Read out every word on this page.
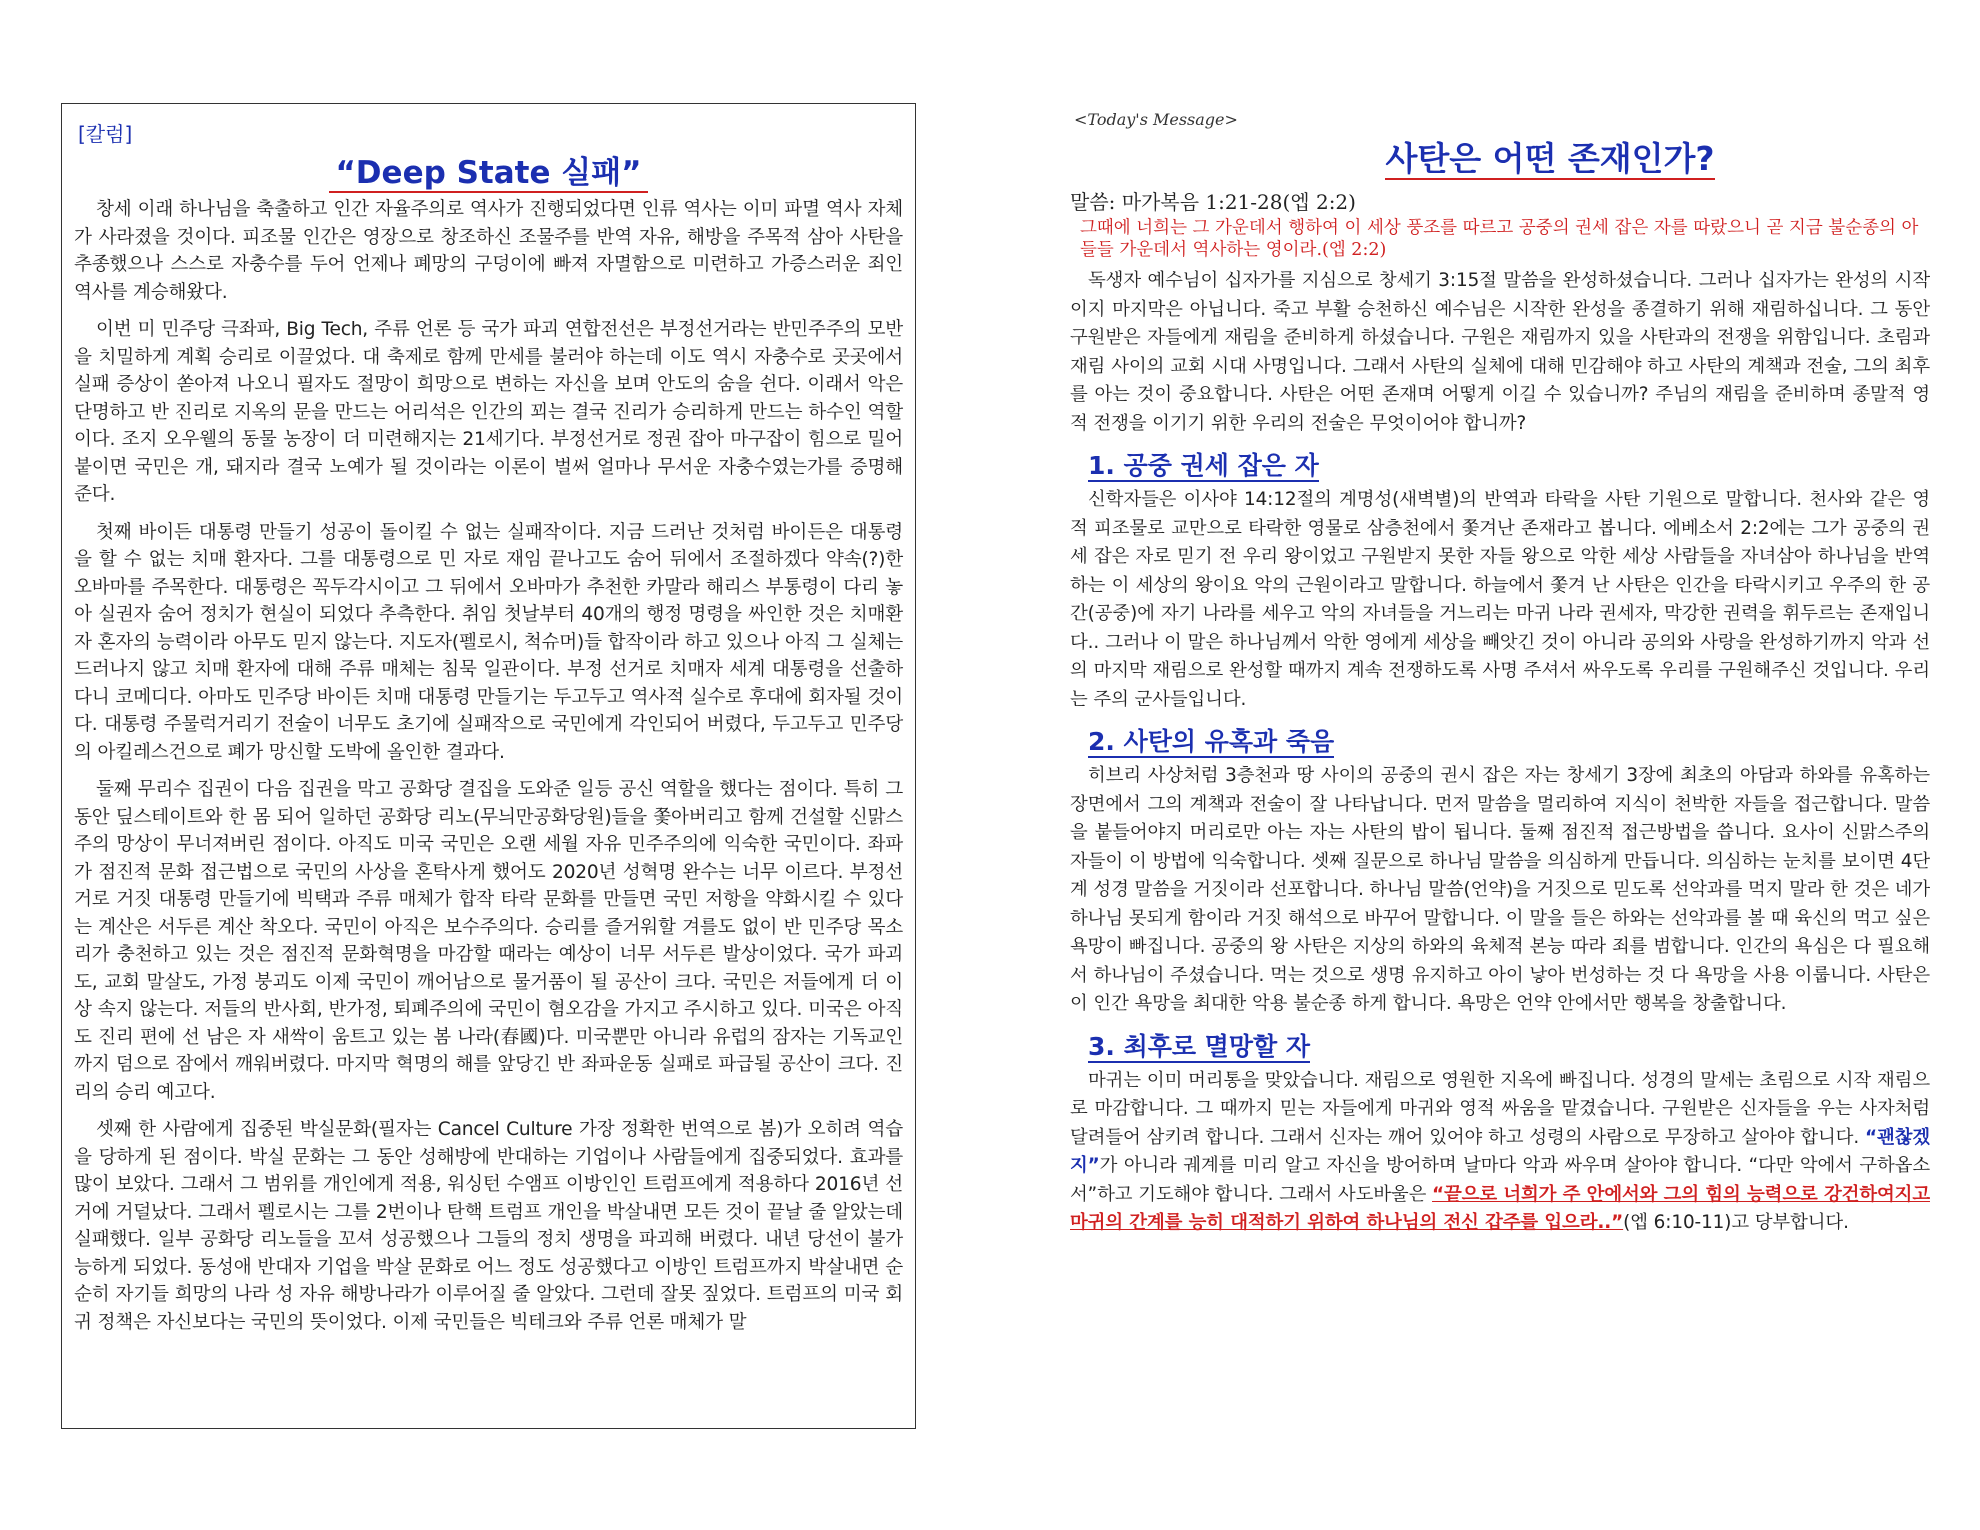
[칼럼]
“Deep State 실패”

창세 이래 하나님을 축출하고 인간 자율주의로 역사가 진행되었다면 인류 역사는 이미 파멸 역사 자체가 사라졌을 것이다. 피조물 인간은 영장으로 창조하신 조물주를 반역 자유, 해방을 주목적 삼아 사탄을 추종했으나 스스로 자충수를 두어 언제나 폐망의 구덩이에 빠져 자멸함으로 미련하고 가증스러운 죄인 역사를 계승해왔다.

이번 미 민주당 극좌파, Big Tech, 주류 언론 등 국가 파괴 연합전선은 부정선거라는 반민주주의 모반을 치밀하게 계획 승리로 이끌었다. 대 축제로 함께 만세를 불러야 하는데 이도 역시 자충수로 곳곳에서 실패 증상이 쏟아져 나오니 필자도 절망이 희망으로 변하는 자신을 보며 안도의 숨을 쉰다. 이래서 악은 단명하고 반 진리로 지옥의 문을 만드는 어리석은 인간의 꾀는 결국 진리가 승리하게 만드는 하수인 역할이다. 조지 오우웰의 동물 농장이 더 미련해지는 21세기다. 부정선거로 정권 잡아 마구잡이 힘으로 밀어붙이면 국민은 개, 돼지라 결국 노예가 될 것이라는 이론이 벌써 얼마나 무서운 자충수였는가를 증명해 준다.

첫째 바이든 대통령 만들기 성공이 돌이킬 수 없는 실패작이다. 지금 드러난 것처럼 바이든은 대통령을 할 수 없는 치매 환자다. 그를 대통령으로 민 자로 재임 끝나고도 숨어 뒤에서 조절하겠다 약속(?)한 오바마를 주목한다. 대통령은 꼭두각시이고 그 뒤에서 오바마가 추천한 카말라 해리스 부통령이 다리 놓아 실권자 숨어 정치가 현실이 되었다 추측한다. 취임 첫날부터 40개의 행정 명령을 싸인한 것은 치매환자 혼자의 능력이라 아무도 믿지 않는다. 지도자(펠로시, 척슈머)들 합작이라 하고 있으나 아직 그 실체는 드러나지 않고 치매 환자에 대해 주류 매체는 침묵 일관이다. 부정 선거로 치매자 세계 대통령을 선출하다니 코메디다. 아마도 민주당 바이든 치매 대통령 만들기는 두고두고 역사적 실수로 후대에 회자될 것이다. 대통령 주물럭거리기 전술이 너무도 초기에 실패작으로 국민에게 각인되어 버렸다, 두고두고 민주당의 아킬레스건으로 폐가 망신할 도박에 올인한 결과다.

둘째 무리수 집권이 다음 집권을 막고 공화당 결집을 도와준 일등 공신 역할을 했다는 점이다. 특히 그 동안 딮스테이트와 한 몸 되어 일하던 공화당 리노(무늬만공화당원)들을 쫓아버리고 함께 건설할 신맑스주의 망상이 무너져버린 점이다. 아직도 미국 국민은 오랜 세월 자유 민주주의에 익숙한 국민이다. 좌파가 점진적 문화 접근법으로 국민의 사상을 혼탁사게 했어도 2020년 성혁명 완수는 너무 이르다. 부정선거로 거짓 대통령 만들기에 빅택과 주류 매체가 합작 타락 문화를 만들면 국민 저항을 약화시킬 수 있다는 계산은 서두른 계산 착오다. 국민이 아직은 보수주의다. 승리를 즐거워할 겨를도 없이 반 민주당 목소리가 충천하고 있는 것은 점진적 문화혁명을 마감할 때라는 예상이 너무 서두른 발상이었다. 국가 파괴도, 교회 말살도, 가정 붕괴도 이제 국민이 깨어남으로 물거품이 될 공산이 크다. 국민은 저들에게 더 이상 속지 않는다. 저들의 반사회, 반가정, 퇴폐주의에 국민이 혐오감을 가지고 주시하고 있다. 미국은 아직도 진리 편에 선 남은 자 새싹이 움트고 있는 봄 나라(春國)다. 미국뿐만 아니라 유럽의 잠자는 기독교인까지 덤으로 잠에서 깨워버렸다. 마지막 혁명의 해를 앞당긴 반 좌파운동 실패로 파급될 공산이 크다. 진리의 승리 예고다.

셋째 한 사람에게 집중된 박실문화(필자는 Cancel Culture 가장 정확한 번역으로 봄)가 오히려 역습을 당하게 된 점이다. 박실 문화는 그 동안 성해방에 반대하는 기업이나 사람들에게 집중되었다. 효과를 많이 보았다. 그래서 그 범위를 개인에게 적용, 워싱턴 수앰프 이방인인 트럼프에게 적용하다 2016년 선거에 거덜났다. 그래서 펠로시는 그를 2번이나 탄핵 트럼프 개인을 박살내면 모든 것이 끝날 줄 알았는데 실패했다. 일부 공화당 리노들을 꼬셔 성공했으나 그들의 정치 생명을 파괴해 버렸다. 내년 당선이 불가능하게 되었다. 동성애 반대자 기업을 박살 문화로 어느 정도 성공했다고 이방인 트럼프까지 박살내면 순순히 자기들 희망의 나라 성 자유 해방나라가 이루어질 줄 알았다. 그런데 잘못 짚었다. 트럼프의 미국 회귀 정책은 자신보다는 국민의 뜻이었다. 이제 국민들은 빅테크와 주류 언론 매체가 말

<Today's Message>
사탄은 어떤 존재인가?
말씀: 마가복음 1:21-28(엡 2:2)
그때에 너희는 그 가운데서 행하여 이 세상 풍조를 따르고 공중의 권세 잡은 자를 따랐으니 곧 지금 불순종의 아들들 가운데서 역사하는 영이라.(엡 2:2)

독생자 예수님이 십자가를 지심으로 창세기 3:15절 말씀을 완성하셨습니다. 그러나 십자가는 완성의 시작이지 마지막은 아닙니다. 죽고 부활 승천하신 예수님은 시작한 완성을 종결하기 위해 재림하십니다. 그 동안 구원받은 자들에게 재림을 준비하게 하셨습니다. 구원은 재림까지 있을 사탄과의 전쟁을 위함입니다. 초림과 재림 사이의 교회 시대 사명입니다. 그래서 사탄의 실체에 대해 민감해야 하고 사탄의 계책과 전술, 그의 최후를 아는 것이 중요합니다. 사탄은 어떤 존재며 어떻게 이길 수 있습니까? 주님의 재림을 준비하며 종말적 영적 전쟁을 이기기 위한 우리의 전술은 무엇이어야 합니까?

1. 공중 권세 잡은 자

신학자들은 이사야 14:12절의 계명성(새벽별)의 반역과 타락을 사탄 기원으로 말합니다. 천사와 같은 영적 피조물로 교만으로 타락한 영물로 삼층천에서 쫓겨난 존재라고 봅니다. 에베소서 2:2에는 그가 공중의 권세 잡은 자로 믿기 전 우리 왕이었고 구원받지 못한 자들 왕으로 악한 세상 사람들을 자녀삼아 하나님을 반역하는 이 세상의 왕이요 악의 근원이라고 말합니다. 하늘에서 쫓겨 난 사탄은 인간을 타락시키고 우주의 한 공간(공중)에 자기 나라를 세우고 악의 자녀들을 거느리는 마귀 나라 권세자, 막강한 권력을 휘두르는 존재입니다.. 그러나 이 말은 하나님께서 악한 영에게 세상을 빼앗긴 것이 아니라 공의와 사랑을 완성하기까지 악과 선의 마지막 재림으로 완성할 때까지 계속 전쟁하도록 사명 주셔서 싸우도록 우리를 구원해주신 것입니다. 우리는 주의 군사들입니다.

2. 사탄의 유혹과 죽음

히브리 사상처럼 3층천과 땅 사이의 공중의 권시 잡은 자는 창세기 3장에 최초의 아담과 하와를 유혹하는 장면에서 그의 계책과 전술이 잘 나타납니다. 먼저 말씀을 멀리하여 지식이 천박한 자들을 접근합니다. 말씀을 붙들어야지 머리로만 아는 자는 사탄의 밥이 됩니다. 둘째 점진적 접근방법을 씁니다. 요사이 신맑스주의자들이 이 방법에 익숙합니다. 셋째 질문으로 하나님 말씀을 의심하게 만듭니다. 의심하는 눈치를 보이면 4단계 성경 말씀을 거짓이라 선포합니다. 하나님 말씀(언약)을 거짓으로 믿도록 선악과를 먹지 말라 한 것은 네가 하나님 못되게 함이라 거짓 해석으로 바꾸어 말합니다. 이 말을 들은 하와는 선악과를 볼 때 육신의 먹고 싶은 욕망이 빠집니다. 공중의 왕 사탄은 지상의 하와의 육체적 본능 따라 죄를 범합니다. 인간의 욕심은 다 필요해서 하나님이 주셨습니다. 먹는 것으로 생명 유지하고 아이 낳아 번성하는 것 다 욕망을 사용 이룹니다. 사탄은 이 인간 욕망을 최대한 악용 불순종 하게 합니다. 욕망은 언약 안에서만 행복을 창출합니다.

3. 최후로 멸망할 자

마귀는 이미 머리통을 맞았습니다. 재림으로 영원한 지옥에 빠집니다. 성경의 말세는 초림으로 시작 재림으로 마감합니다. 그 때까지 믿는 자들에게 마귀와 영적 싸움을 맡겼습니다. 구원받은 신자들을 우는 사자처럼 달려들어 삼키려 합니다. 그래서 신자는 깨어 있어야 하고 성령의 사람으로 무장하고 살아야 합니다. “괜찮겠지”가 아니라 궤계를 미리 알고 자신을 방어하며 날마다 악과 싸우며 살아야 합니다. “다만 악에서 구하옵소서”하고 기도해야 합니다. 그래서 사도바울은 “끝으로 너희가 주 안에서와 그의 힘의 능력으로 강건하여지고 마귀의 간계를 능히 대적하기 위하여 하나님의 전신 갑주를 입으라..”(엡 6:10-11)고 당부합니다.
